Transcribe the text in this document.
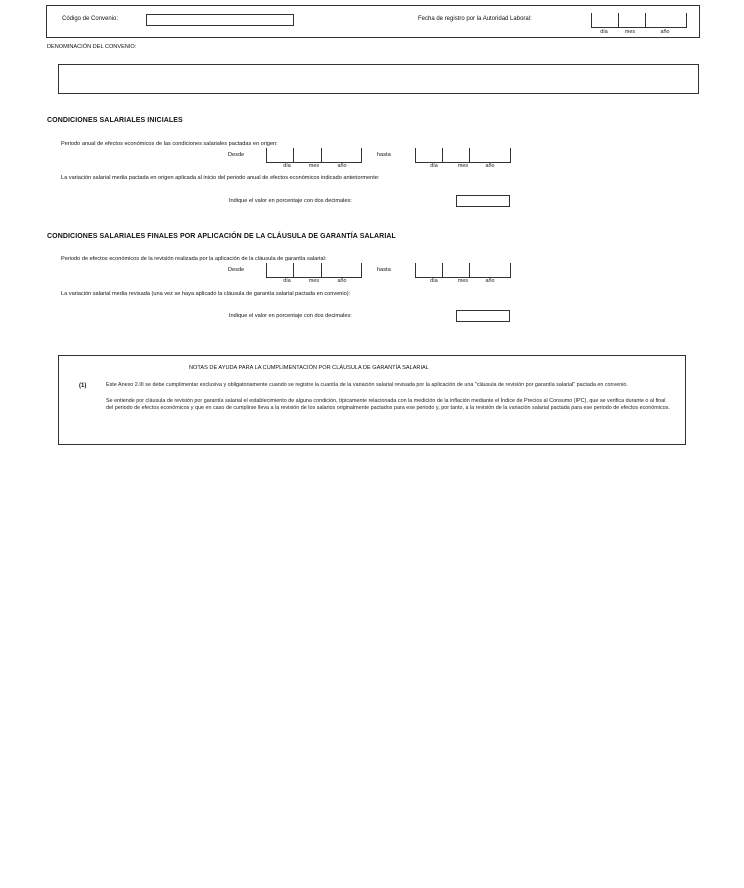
Código de Convenio:	Fecha de registro por la Autoridad Laboral:
día	mes	año
DENOMINACIÓN DEL CONVENIO:
CONDICIONES SALARIALES INICIALES
Periodo anual de efectos económicos de las condiciones salariales pactadas en origen:
Desde
día	mes	año
hasta
día	mes	año
La variación salarial media pactada en origen aplicada al inicio del periodo anual de efectos económicos indicado anteriormente:
Indique el valor en porcentaje con dos decimales:
CONDICIONES SALARIALES FINALES POR APLICACIÓN DE LA CLÁUSULA DE GARANTÍA SALARIAL
Periodo de efectos económicos de la revisión realizada por la aplicación de la cláusula de garantía salarial:
Desde
día	mes	año
hasta
día	mes	año
La variación salarial media revisada (una vez se haya aplicado la cláusula de garantía salarial pactada en convenio):
Indique el valor en porcentaje con dos decimales:
NOTAS DE AYUDA PARA LA CUMPLIMENTACIÓN POR CLÁUSULA DE GARANTÍA SALARIAL
(1)	Este Anexo 2.III se debe cumplimentar exclusiva y obligatoriamente cuando se registre la cuantía de la variación salarial revisada por la aplicación de una "cláusula de revisión por garantía salarial" pactada en convenio.
Se entiende por cláusula de revisión por garantía salarial el establecimiento de alguna condición, típicamente relacionada con la medición de la inflación mediante el Índice de Precios al Consumo (IPC), que se verifica durante o al final del periodo de efectos económicos y que en caso de cumplirse lleva a la revisión de los salarios originalmente pactados para ese periodo y, por tanto, a la revisión de la variación salarial pactada para ese periodo de efectos económicos.
